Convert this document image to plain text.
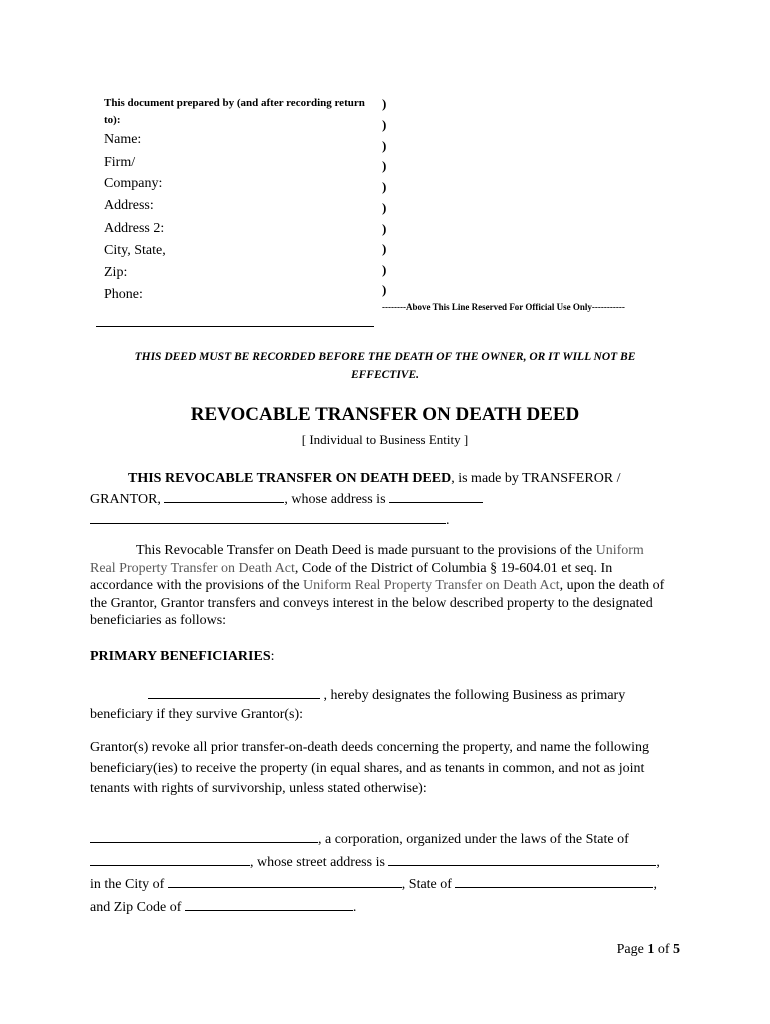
This document prepared by (and after recording return to):
Name:
Firm/
Company:
Address:
Address 2:
City, State,
Zip:
Phone:
)
)
)
)
)
)
)
)
)
)
--------Above This Line Reserved For Official Use Only-----------
THIS DEED MUST BE RECORDED BEFORE THE DEATH OF THE OWNER, OR IT WILL NOT BE EFFECTIVE.
REVOCABLE TRANSFER ON DEATH DEED
[ Individual to Business Entity ]
THIS REVOCABLE TRANSFER ON DEATH DEED, is made by TRANSFEROR / GRANTOR,	, whose address is
.
This Revocable Transfer on Death Deed is made pursuant to the provisions of the Uniform Real Property Transfer on Death Act, Code of the District of Columbia § 19-604.01 et seq. In accordance with the provisions of the Uniform Real Property Transfer on Death Act, upon the death of the Grantor, Grantor transfers and conveys interest in the below described property to the designated beneficiaries as follows:
PRIMARY BENEFICIARIES:
, hereby designates the following Business as primary beneficiary if they survive Grantor(s):
Grantor(s) revoke all prior transfer-on-death deeds concerning the property, and name the following beneficiary(ies) to receive the property (in equal shares, and as tenants in common, and not as joint tenants with rights of survivorship, unless stated otherwise):
, a corporation, organized under the laws of the State of
, whose street address is	,
in the City of	, State of	,
and Zip Code of	.
Page 1 of 5
